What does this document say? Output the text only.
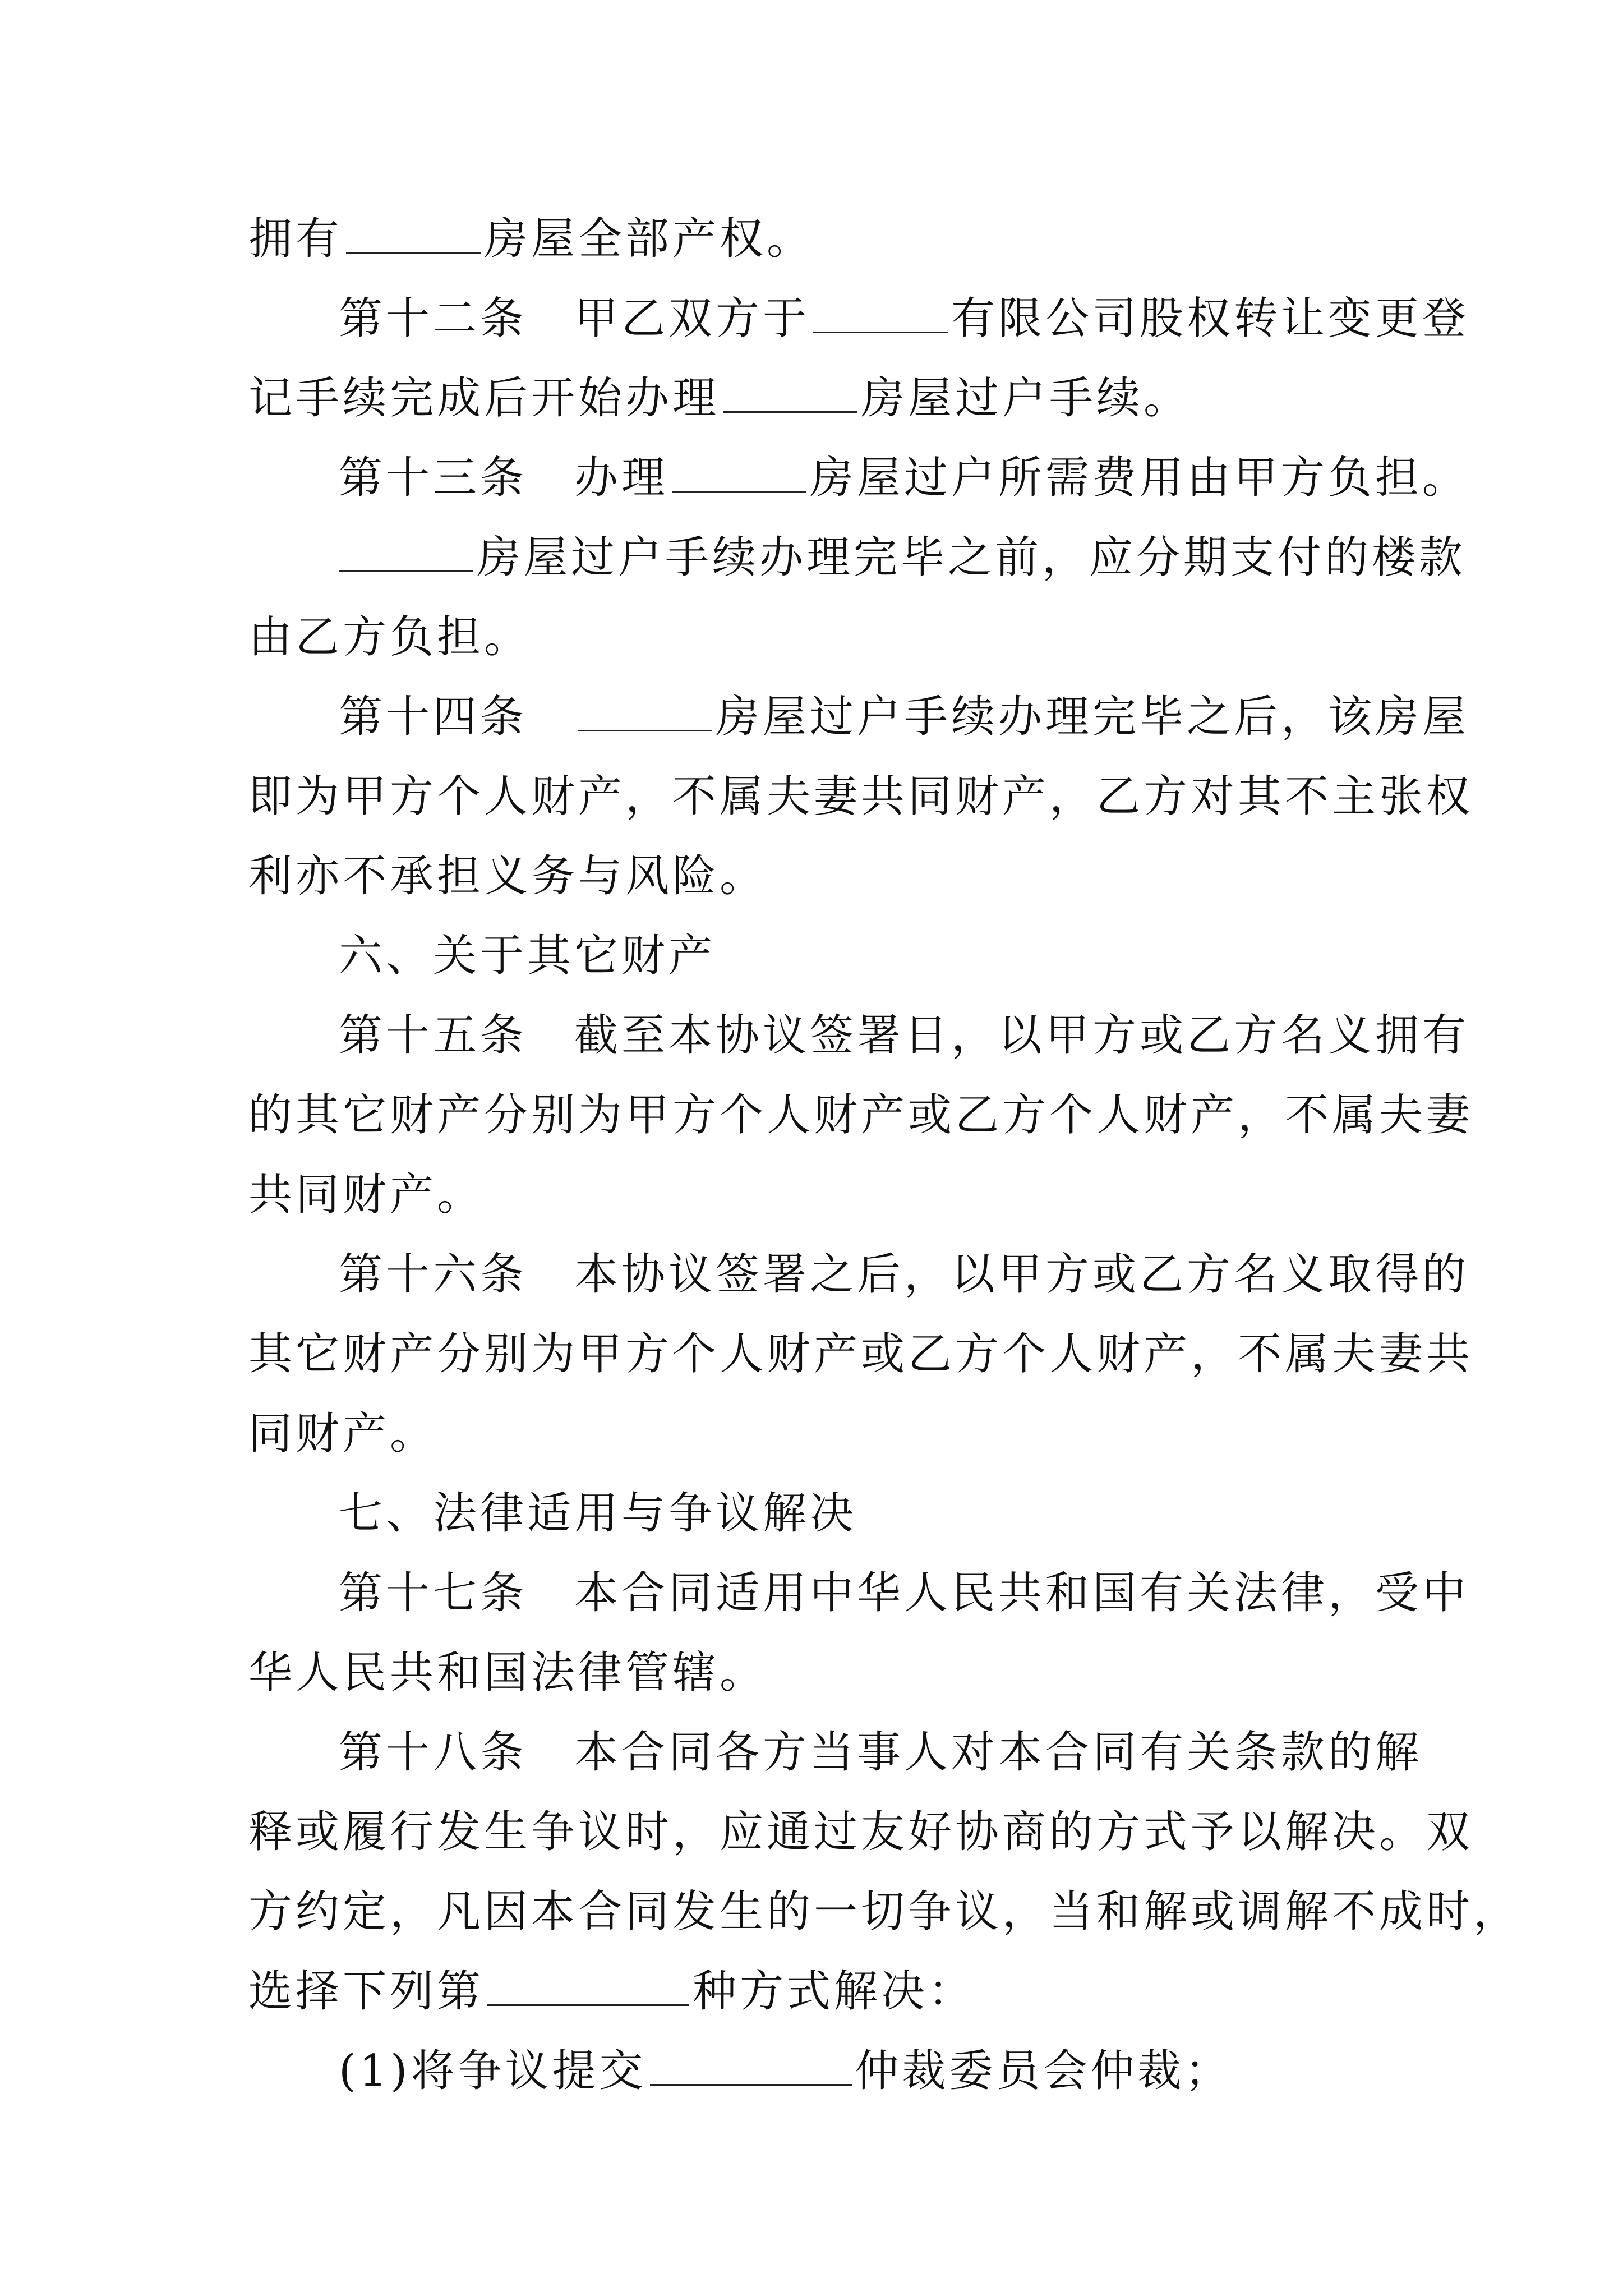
拥有	房屋全部产权。
第十二条　甲乙双方于	有限公司股权转让变更登
记手续完成后开始办理	房屋过户手续。
第十三条　办理	房屋过户所需费用由甲方负担。
房屋过户手续办理完毕之前，应分期支付的楼款
由乙方负担。
第十四条　	房屋过户手续办理完毕之后，该房屋
即为甲方个人财产，不属夫妻共同财产，乙方对其不主张权
利亦不承担义务与风险。
六、关于其它财产
第十五条　截至本协议签署日，以甲方或乙方名义拥有
的其它财产分别为甲方个人财产或乙方个人财产，不属夫妻
共同财产。
第十六条　本协议签署之后，以甲方或乙方名义取得的
其它财产分别为甲方个人财产或乙方个人财产，不属夫妻共
同财产。
七、法律适用与争议解决
第十七条　本合同适用中华人民共和国有关法律，受中
华人民共和国法律管辖。
第十八条　本合同各方当事人对本合同有关条款的解
释或履行发生争议时，应通过友好协商的方式予以解决。双
方约定，凡因本合同发生的一切争议，当和解或调解不成时，
选择下列第	种方式解决：
(1)将争议提交	仲裁委员会仲裁；
